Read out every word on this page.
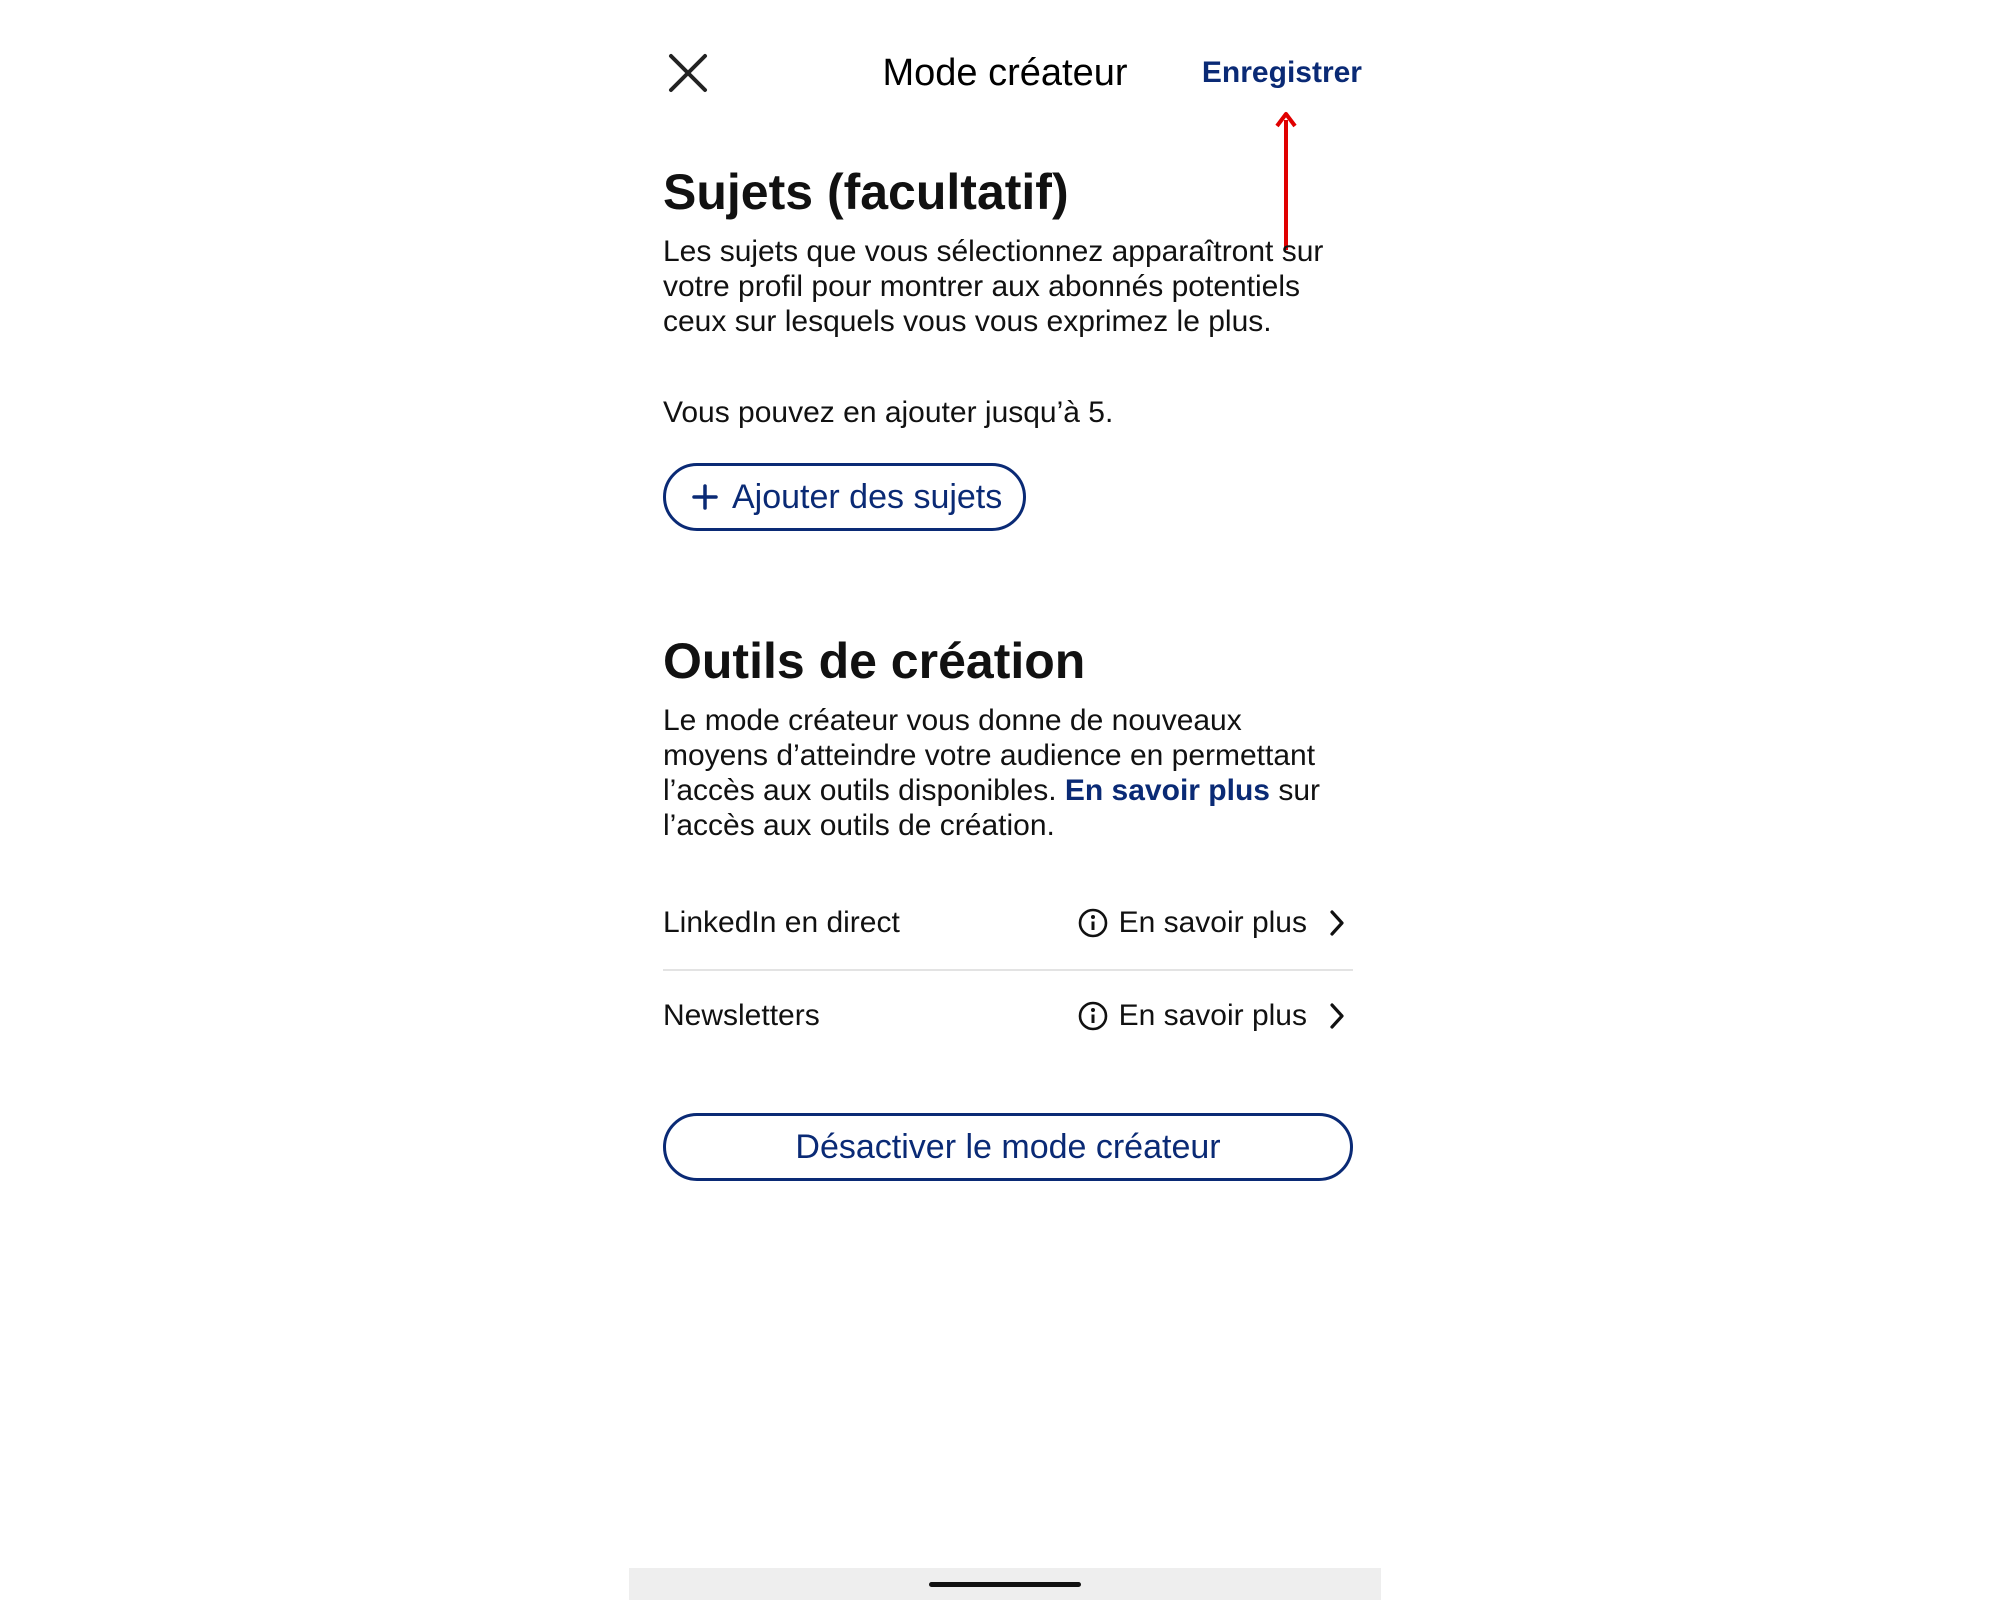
Mode créateur	Enregistrer
Sujets (facultatif)

Les sujets que vous sélectionnez apparaîtront sur votre profil pour montrer aux abonnés potentiels ceux sur lesquels vous vous exprimez le plus.

Vous pouvez en ajouter jusqu’à 5.

Ajouter des sujets
Outils de création

Le mode créateur vous donne de nouveaux moyens d’atteindre votre audience en permettant l’accès aux outils disponibles. En savoir plus sur l’accès aux outils de création.

LinkedIn en direct	En savoir plus
Newsletters	En savoir plus
Désactiver le mode créateur
